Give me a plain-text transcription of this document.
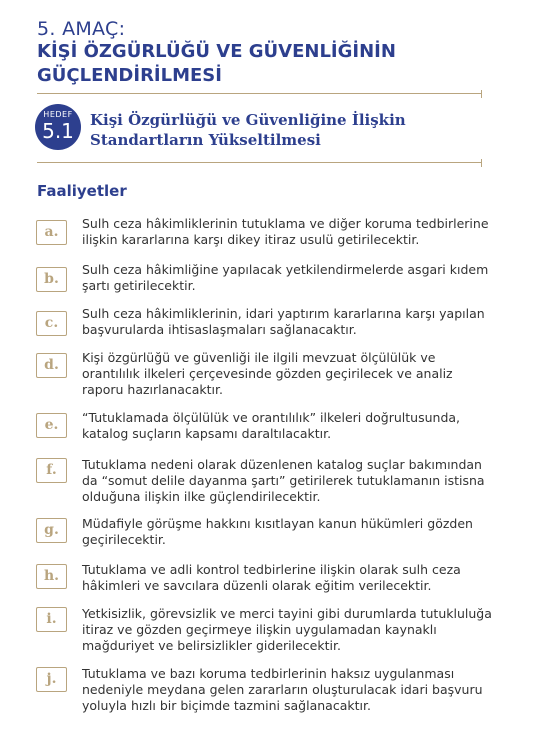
5. AMAÇ:
KİŞİ ÖZGÜRLÜĞÜ VE GÜVENLİĞİNİN GÜÇLENDİRİLMESİ
HEDEF
5.1	Kişi Özgürlüğü ve Güvenliğine İlişkin Standartların Yükseltilmesi
Faaliyetler
a.
Sulh ceza hâkimliklerinin tutuklama ve diğer koruma tedbirlerine ilişkin kararlarına karşı dikey itiraz usulü getirilecektir.
b.
Sulh ceza hâkimliğine yapılacak yetkilendirmelerde asgari kıdem şartı getirilecektir.
c.
Sulh ceza hâkimliklerinin, idari yaptırım kararlarına karşı yapılan başvurularda ihtisaslaşmaları sağlanacaktır.
d.	Kişi özgürlüğü ve güvenliği ile ilgili mevzuat ölçülülük ve orantılılık ilkeleri çerçevesinde gözden geçirilecek ve analiz raporu hazırlanacaktır.
e.	“Tutuklamada ölçülülük ve orantılılık” ilkeleri doğrultusunda, katalog suçların kapsamı daraltılacaktır.
f.	Tutuklama nedeni olarak düzenlenen katalog suçlar bakımından da “somut delile dayanma şartı” getirilerek tutuklamanın istisna olduğuna ilişkin ilke güçlendirilecektir.
g.	Müdafiyle görüşme hakkını kısıtlayan kanun hükümleri gözden geçirilecektir.
h.	Tutuklama ve adli kontrol tedbirlerine ilişkin olarak sulh ceza hâkimleri ve savcılara düzenli olarak eğitim verilecektir.
i.	Yetkisizlik, görevsizlik ve merci tayini gibi durumlarda tutukluluğa itiraz ve gözden geçirmeye ilişkin uygulamadan kaynaklı mağduriyet ve belirsizlikler giderilecektir.
j.	Tutuklama ve bazı koruma tedbirlerinin haksız uygulanması nedeniyle meydana gelen zararların oluşturulacak idari başvuru yoluyla hızlı bir biçimde tazmini sağlanacaktır.
